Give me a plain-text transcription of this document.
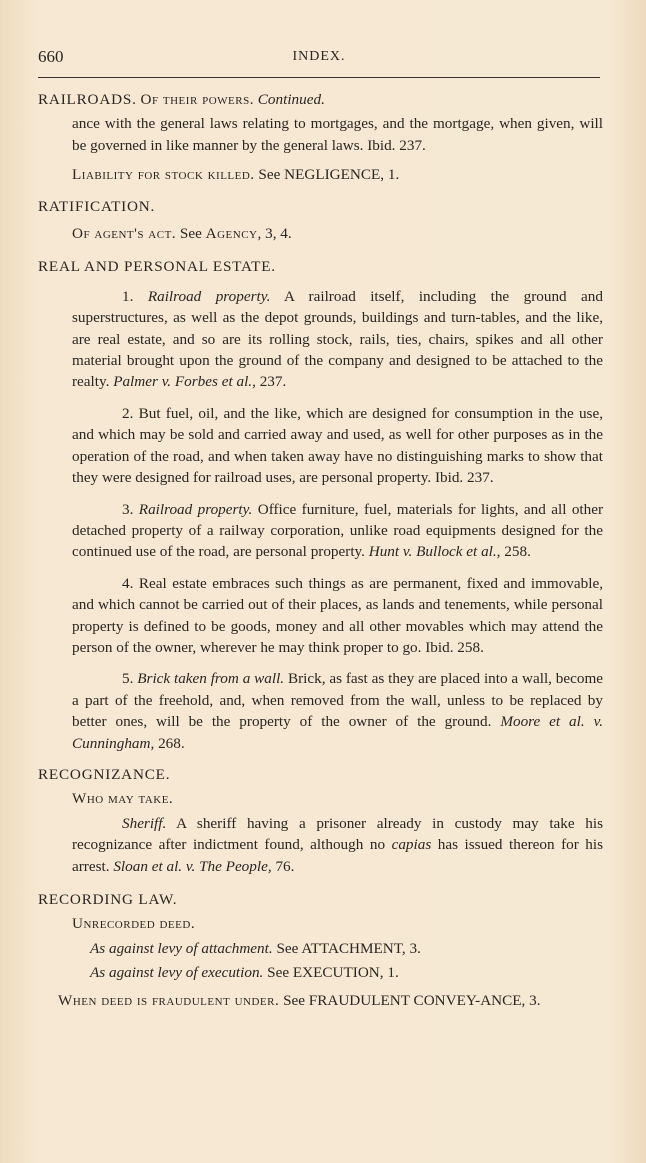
660	INDEX.
RAILROADS. Of their powers. Continued.
ance with the general laws relating to mortgages, and the mortgage, when given, will be governed in like manner by the general laws. Ibid. 237.
Liability for stock killed. See NEGLIGENCE, 1.
RATIFICATION.
Of agent's act. See Agency, 3, 4.
REAL AND PERSONAL ESTATE.
1. Railroad property. A railroad itself, including the ground and superstructures, as well as the depot grounds, buildings and turn-tables, and the like, are real estate, and so are its rolling stock, rails, ties, chairs, spikes and all other material brought upon the ground of the company and designed to be attached to the realty. Palmer v. Forbes et al., 237.
2. But fuel, oil, and the like, which are designed for consumption in the use, and which may be sold and carried away and used, as well for other purposes as in the operation of the road, and when taken away have no distinguishing marks to show that they were designed for railroad uses, are personal property. Ibid. 237.
3. Railroad property. Office furniture, fuel, materials for lights, and all other detached property of a railway corporation, unlike road equipments designed for the continued use of the road, are personal property. Hunt v. Bullock et al., 258.
4. Real estate embraces such things as are permanent, fixed and immovable, and which cannot be carried out of their places, as lands and tenements, while personal property is defined to be goods, money and all other movables which may attend the person of the owner, wherever he may think proper to go. Ibid. 258.
5. Brick taken from a wall. Brick, as fast as they are placed into a wall, become a part of the freehold, and, when removed from the wall, unless to be replaced by better ones, will be the property of the owner of the ground. Moore et al. v. Cunningham, 268.
RECOGNIZANCE.
Who may take.
Sheriff. A sheriff having a prisoner already in custody may take his recognizance after indictment found, although no capias has issued thereon for his arrest. Sloan et al. v. The People, 76.
RECORDING LAW.
Unrecorded deed.
As against levy of attachment. See ATTACHMENT, 3.
As against levy of execution. See EXECUTION, 1.
When deed is fraudulent under. See FRAUDULENT CONVEY-ANCE, 3.
